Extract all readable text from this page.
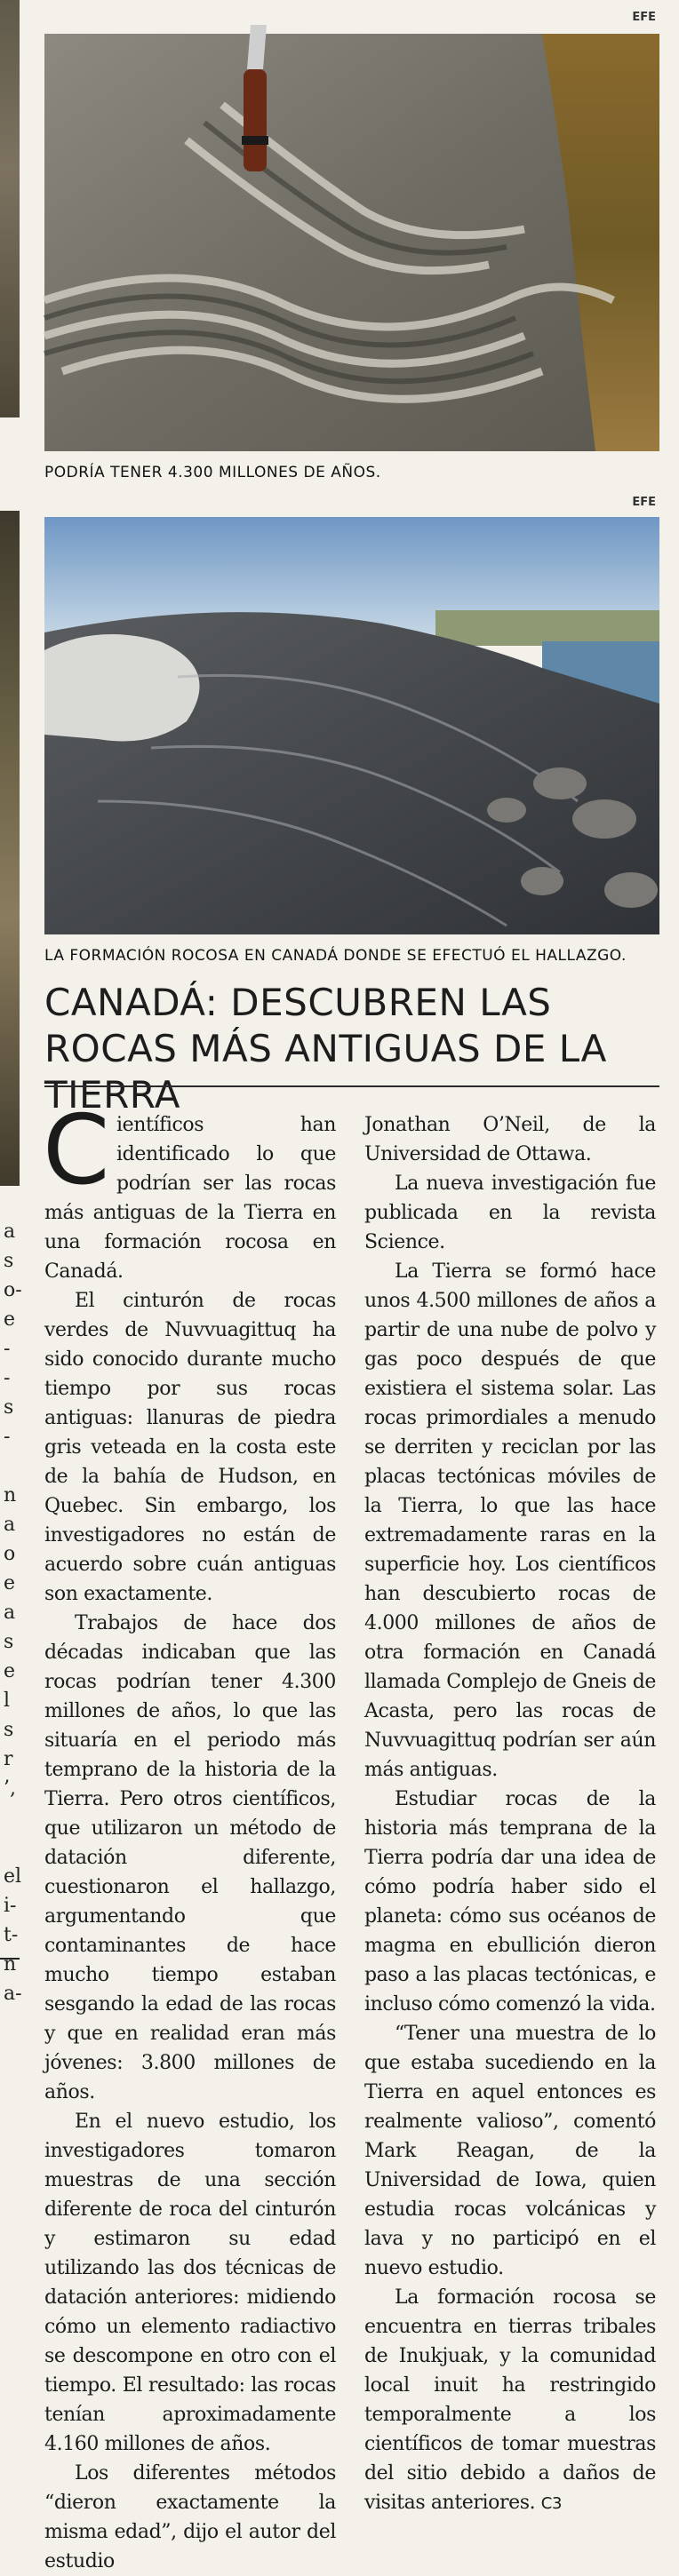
a
s
o-
e
-
-
s
-
n
a
o
e
a
s
e
l
s
r
’,
el
i-
t-
n
a-
EFE
PODRÍA TENER 4.300 MILLONES DE AÑOS.
EFE
LA FORMACIÓN ROCOSA EN CANADÁ DONDE SE EFECTUÓ EL HALLAZGO.
CANADÁ: DESCUBREN LAS ROCAS MÁS ANTIGUAS DE LA TIERRA

Científicos han identificado lo que podrían ser las rocas más antiguas de la Tierra en una formación rocosa en Canadá.

El cinturón de rocas verdes de Nuvvuagittuq ha sido conocido durante mucho tiempo por sus rocas antiguas: llanuras de piedra gris veteada en la costa este de la bahía de Hudson, en Quebec. Sin embargo, los investigadores no están de acuerdo sobre cuán antiguas son exactamente.

Trabajos de hace dos décadas indicaban que las rocas podrían tener 4.300 millones de años, lo que las situaría en el periodo más temprano de la historia de la Tierra. Pero otros científicos, que utilizaron un método de datación diferente, cuestionaron el hallazgo, argumentando que contaminantes de hace mucho tiempo estaban sesgando la edad de las rocas y que en realidad eran más jóvenes: 3.800 millones de años.

En el nuevo estudio, los investigadores tomaron muestras de una sección diferente de roca del cinturón y estimaron su edad utilizando las dos técnicas de datación anteriores: midiendo cómo un elemento radiactivo se descompone en otro con el tiempo. El resultado: las rocas tenían aproximadamente 4.160 millones de años.

Los diferentes métodos “dieron exactamente la misma edad”, dijo el autor del estudio

Jonathan O’Neil, de la Universidad de Ottawa.

La nueva investigación fue publicada en la revista Science.

La Tierra se formó hace unos 4.500 millones de años a partir de una nube de polvo y gas poco después de que existiera el sistema solar. Las rocas primordiales a menudo se derriten y reciclan por las placas tectónicas móviles de la Tierra, lo que las hace extremadamente raras en la superficie hoy. Los científicos han descubierto rocas de 4.000 millones de años de otra formación en Canadá llamada Complejo de Gneis de Acasta, pero las rocas de Nuvvuagittuq podrían ser aún más antiguas.

Estudiar rocas de la historia más temprana de la Tierra podría dar una idea de cómo podría haber sido el planeta: cómo sus océanos de magma en ebullición dieron paso a las placas tectónicas, e incluso cómo comenzó la vida.

“Tener una muestra de lo que estaba sucediendo en la Tierra en aquel entonces es realmente valioso”, comentó Mark Reagan, de la Universidad de Iowa, quien estudia rocas volcánicas y lava y no participó en el nuevo estudio.

La formación rocosa se encuentra en tierras tribales de Inukjuak, y la comunidad local inuit ha restringido temporalmente a los científicos de tomar muestras del sitio debido a daños de visitas anteriores. C3
